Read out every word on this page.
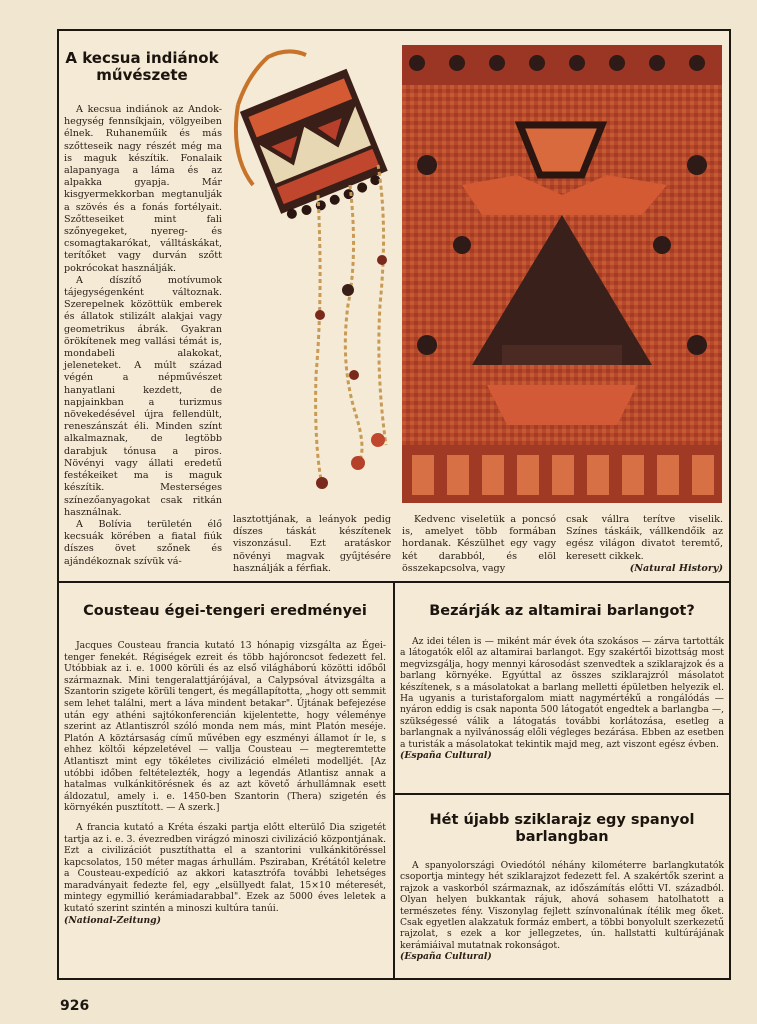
A kecsua indiánok művészete

A kecsua indiánok az Andok-hegység fennsíkjain, völgyeiben élnek. Ruhaneműik és más szőtteseik nagy részét még ma is maguk készítik. Fonalaik alapanyaga a láma és az alpakka gyapja. Már kisgyermekkorban megtanulják a szövés és a fonás fortélyait. Szőtteseiket mint fali szőnyegeket, nyereg- és csomagtakarókat, válltáskákat, terítőket vagy durván szőtt pokrócokat használják.

A díszítő motívumok tájegységenként változnak. Szerepelnek közöttük emberek és állatok stilizált alakjai vagy geometrikus ábrák. Gyakran örökítenek meg vallási témát is, mondabeli alakokat, jeleneteket. A múlt század végén a népművészet hanyatlani kezdett, de napjainkban a turizmus növekedésével újra fellendült, reneszánszát éli. Minden színt alkalmaznak, de legtöbb darabjuk tónusa a piros. Növényi vagy állati eredetű festékeiket ma is maguk készítik. Mesterséges színezőanyagokat csak ritkán használnak.

A Bolívia területén élő kecsuák körében a fiatal fiúk díszes övet szőnek és ajándékoznak szívük vá-

lasztottjának, a leányok pedig díszes táskát készítenek viszonzásul. Ezt aratáskor növényi magvak gyűjtésére használják a férfiak.

Kedvenc viseletük a poncsó is, amelyet több formában hordanak. Készülhet egy vagy két darabból, és elöl összekapcsolva, vagy

csak vállra terítve viselik. Színes táskáik, vállkendőik az egész világon divatot teremtő, keresett cikkek.

(Natural History)
Cousteau égei-tengeri eredményei

Jacques Cousteau francia kutató 13 hónapig vizsgálta az Égei-tenger fenekét. Régiségek ezreit és több hajóroncsot fedezett fel. Utóbbiak az i. e. 1000 körüli és az első világháború közötti időből származnak. Mini tengeralattjárójával, a Calypsóval átvizsgálta a Szantorin szigete körüli tengert, és megállapította, „hogy ott semmit sem lehet találni, mert a láva mindent betakar". Újtának befejezése után egy athéni sajtókonferencián kijelentette, hogy véleménye szerint az Atlantiszról szóló monda nem más, mint Platón meséje. Platón A köztársaság című művében egy eszményi államot ír le, s ehhez költői képzeletével — vallja Cousteau — megteremtette Atlantiszt mint egy tökéletes civilizáció elméleti modelljét. [Az utóbbi időben feltételezték, hogy a legendás Atlantisz annak a hatalmas vulkánkitörésnek és az azt követő árhullámnak esett áldozatul, amely i. e. 1450-ben Szantorin (Thera) szigetén és környékén pusztított. — A szerk.]

A francia kutató a Kréta északi partja előtt elterülő Dia szigetét tartja az i. e. 3. évezredben virágzó minoszi civilizáció központjának. Ezt a civilizációt pusztíthatta el a szantorini vulkánkitöréssel kapcsolatos, 150 méter magas árhullám. Psziraban, Krétától keletre a Cousteau-expedíció az akkori katasztrófa további lehetséges maradványait fedezte fel, egy „elsüllyedt falat, 15×10 méteresét, mintegy egymillió kerámiadarabbal". Ezek az 5000 éves leletek a kutató szerint szintén a minoszi kultúra tanúi.

(National-Zeitung)
Bezárják az altamirai barlangot?

Az idei télen is — miként már évek óta szokásos — zárva tartották a látogatók elől az altamirai barlangot. Egy szakértői bizottság most megvizsgálja, hogy mennyi károsodást szenvedtek a sziklarajzok és a barlang környéke. Egyúttal az összes sziklarajzról másolatot készítenek, s a másolatokat a barlang melletti épületben helyezik el. Ha ugyanis a turistaforgalom miatt nagymértékű a rongálódás — nyáron eddig is csak naponta 500 látogatót engedtek a barlangba —, szükségessé válik a látogatás további korlátozása, esetleg a barlangnak a nyilvánosság előli végleges bezárása. Ebben az esetben a turisták a másolatokat tekintik majd meg, azt viszont egész évben.

(España Cultural)
Hét újabb sziklarajz egy spanyol barlangban

A spanyolországi Oviedótól néhány kilométerre barlangkutatók csoportja mintegy hét sziklarajzot fedezett fel. A szakértők szerint a rajzok a vaskorból származnak, az időszámítás előtti VI. századból. Olyan helyen bukkantak rájuk, ahová sohasem hatolhatott a természetes fény. Viszonylag fejlett színvonalúnak ítélik meg őket. Csak egyetlen alakzatuk formáz embert, a többi bonyolult szerkezetű rajzolat, s ezek a kor jellegzetes, ún. hallstatti kultúrájának kerámiáival mutatnak rokonságot.

(España Cultural)
926
